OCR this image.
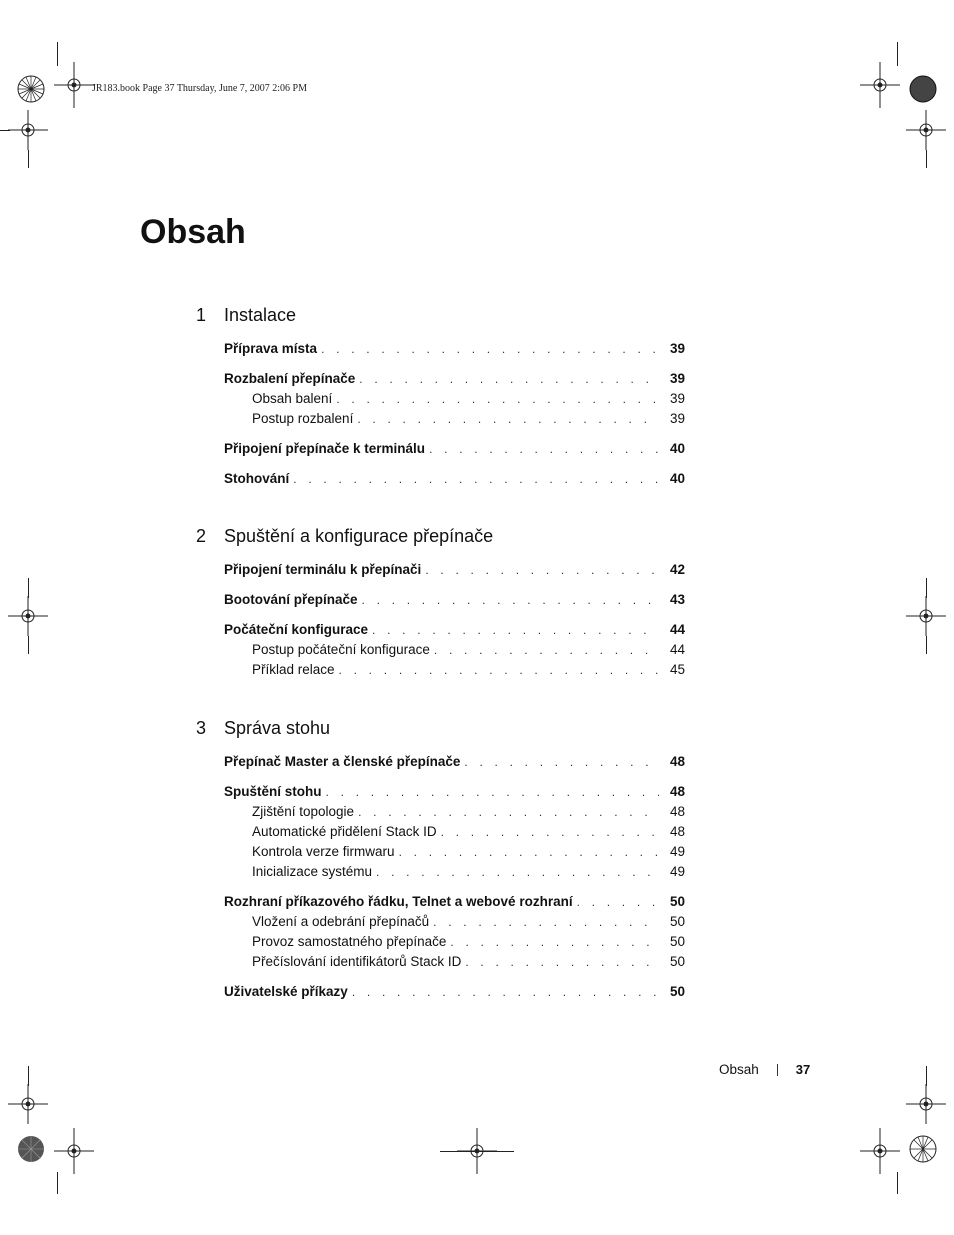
JR183.book Page 37 Thursday, June 7, 2007 2:06 PM
Obsah
1 Instalace
Příprava místa . . .	39
Rozbalení přepínače . . .	39
Obsah balení . . .	39
Postup rozbalení . . .	39
Připojení přepínače k terminálu . . .	40
Stohování . . .	40
2 Spuštění a konfigurace přepínače
Připojení terminálu k přepínači . . .	42
Bootování přepínače . . .	43
Počáteční konfigurace . . .	44
Postup počáteční konfigurace . . .	44
Příklad relace . . .	45
3 Správa stohu
Přepínač Master a členské přepínače . . .	48
Spuštění stohu . . .	48
Zjištění topologie . . .	48
Automatické přidělení Stack ID . . .	48
Kontrola verze firmwaru . . .	49
Inicializace systému . . .	49
Rozhraní příkazového řádku, Telnet a webové rozhraní . . .	50
Vložení a odebrání přepínačů . . .	50
Provoz samostatného přepínače . . .	50
Přečíslování identifikátorů Stack ID . . .	50
Uživatelské příkazy . . .	50
Obsah	37
